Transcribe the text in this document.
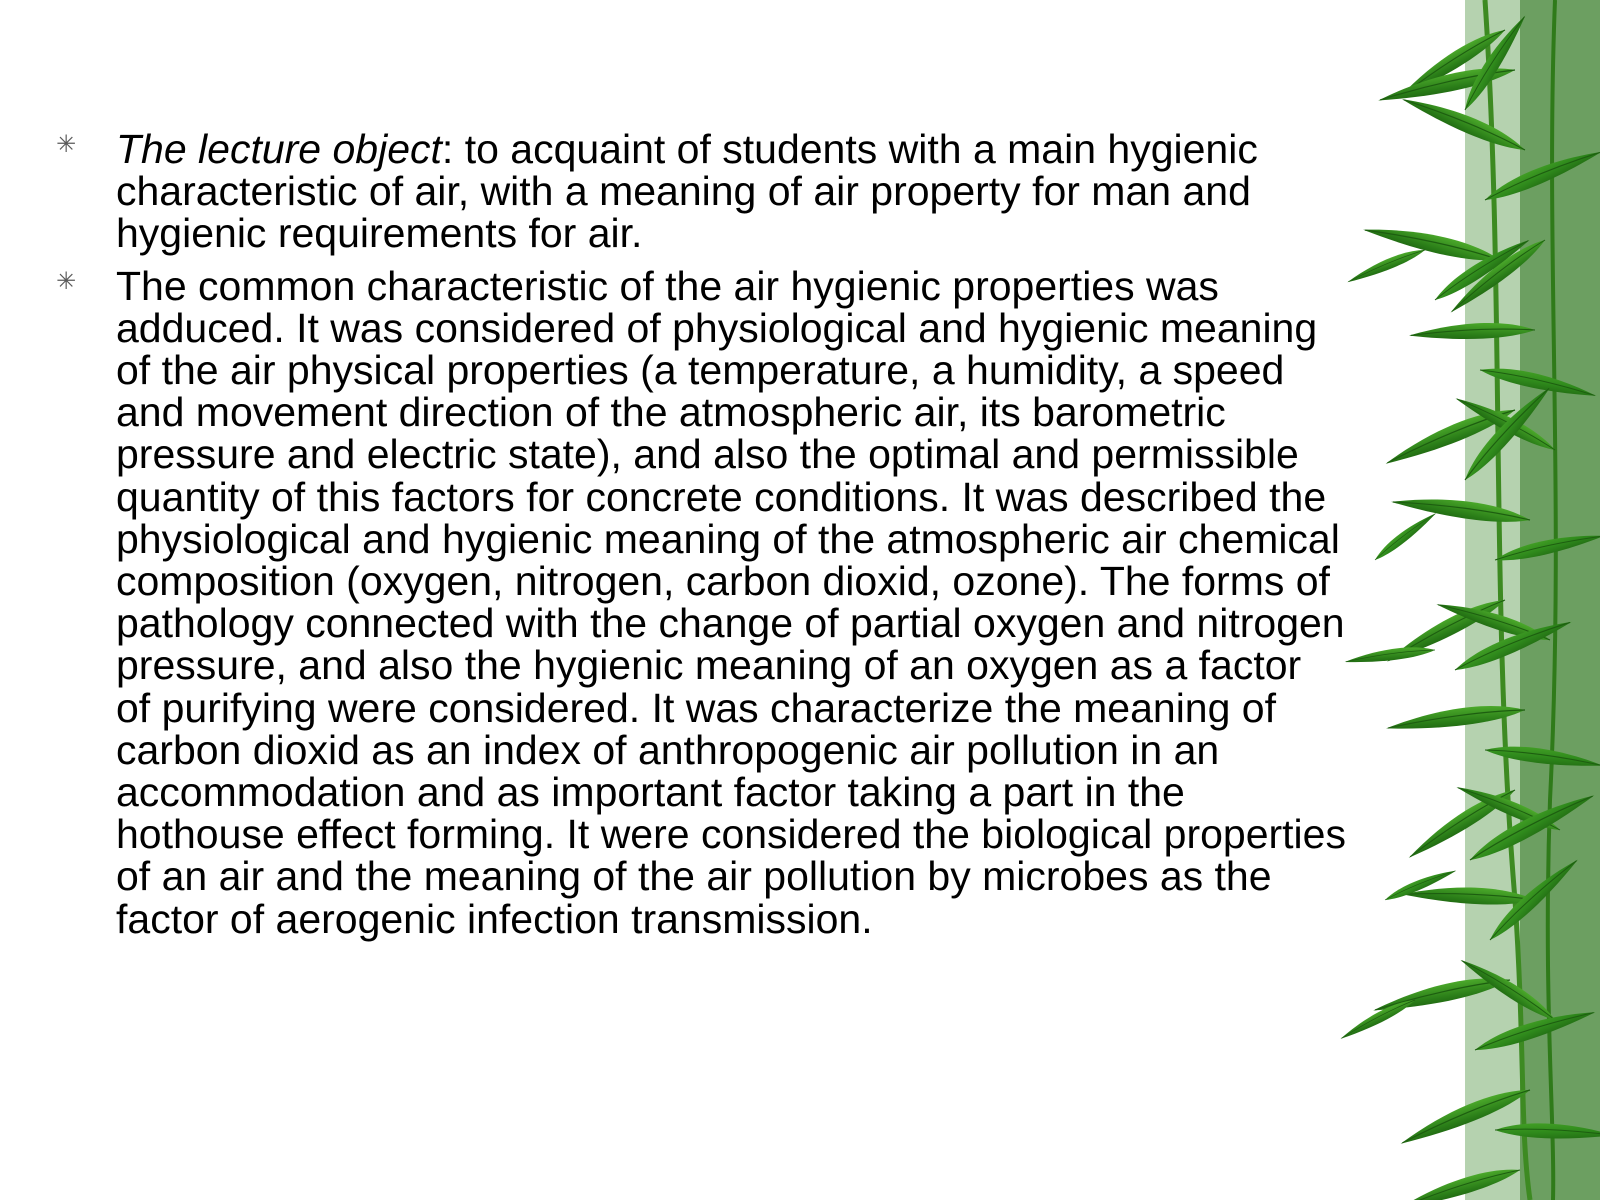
✳ The lecture object: to acquaint of students with a main hygienic characteristic of air, with a meaning of air property for man and hygienic requirements for air.
✳ The common characteristic of the air hygienic properties was adduced. It was considered of physiological and hygienic meaning of the air physical properties (a temperature, a humidity, a speed and movement direction of the atmospheric air, its barometric pressure and electric state), and also the optimal and permissible quantity of this factors for concrete conditions. It was described the physiological and hygienic meaning of the atmospheric air chemical composition (oxygen, nitrogen, carbon dioxid, ozone). The forms of pathology connected with the change of partial oxygen and nitrogen pressure, and also the hygienic meaning of an oxygen as a factor of purifying were considered. It was characterize the meaning of carbon dioxid as an index of anthropogenic air pollution in an accommodation and as important factor taking a part in the hothouse effect forming. It were considered the biological properties of an air and the meaning of the air pollution by microbes as the factor of aerogenic infection transmission.
